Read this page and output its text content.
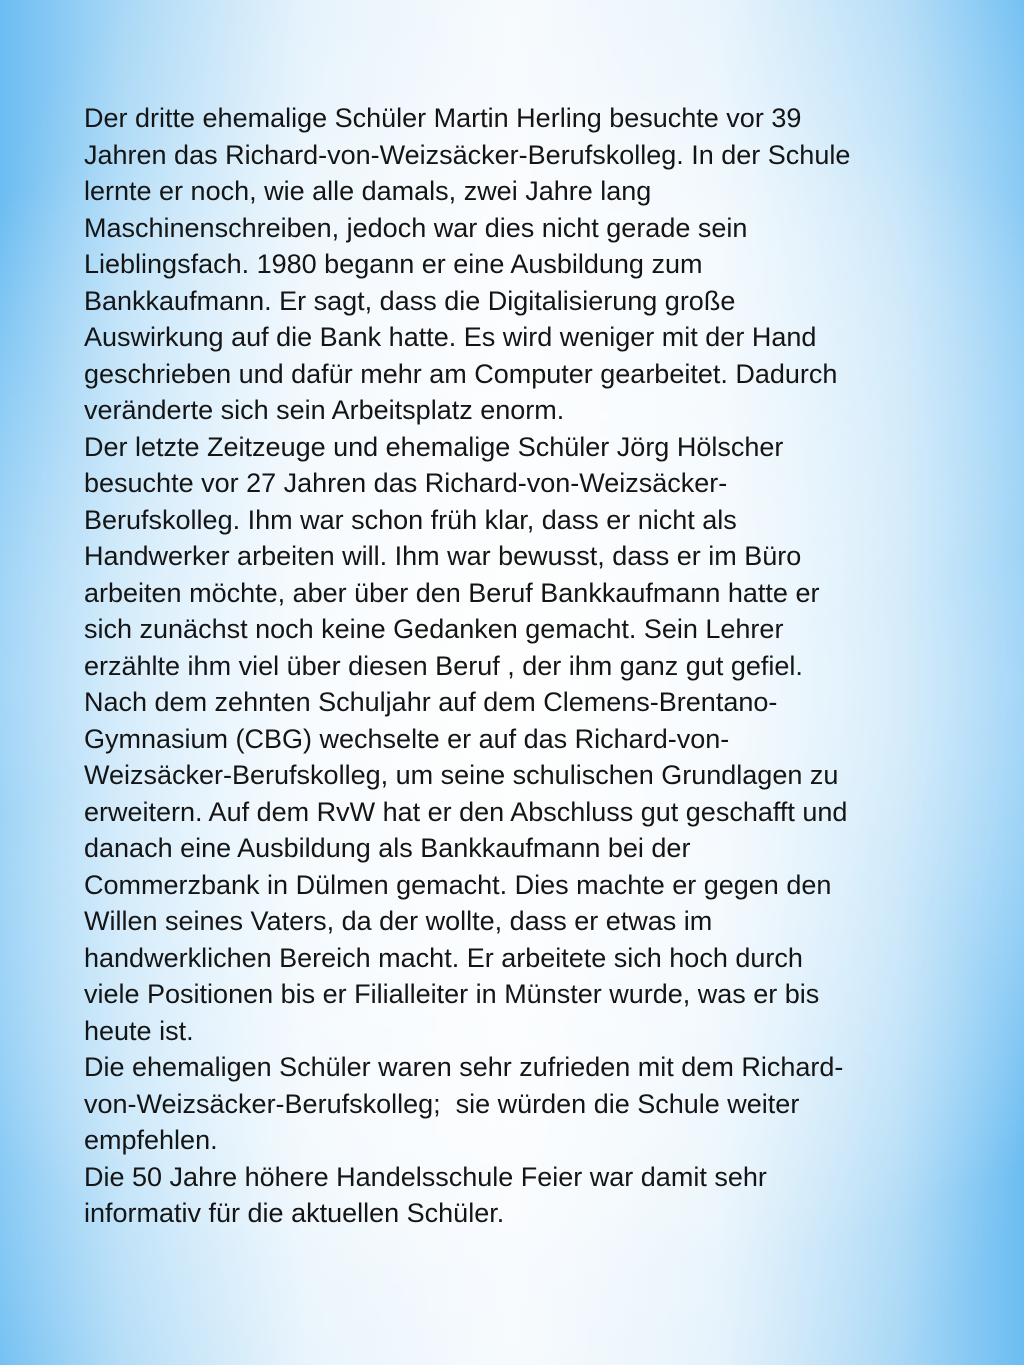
Der dritte ehemalige Schüler Martin Herling besuchte vor 39
Jahren das Richard-von-Weizsäcker-Berufskolleg. In der Schule
lernte er noch, wie alle damals, zwei Jahre lang
Maschinenschreiben, jedoch war dies nicht gerade sein
Lieblingsfach. 1980 begann er eine Ausbildung zum
Bankkaufmann. Er sagt, dass die Digitalisierung große
Auswirkung auf die Bank hatte. Es wird weniger mit der Hand
geschrieben und dafür mehr am Computer gearbeitet. Dadurch
veränderte sich sein Arbeitsplatz enorm.
Der letzte Zeitzeuge und ehemalige Schüler Jörg Hölscher
besuchte vor 27 Jahren das Richard-von-Weizsäcker-
Berufskolleg. Ihm war schon früh klar, dass er nicht als
Handwerker arbeiten will. Ihm war bewusst, dass er im Büro
arbeiten möchte, aber über den Beruf Bankkaufmann hatte er
sich zunächst noch keine Gedanken gemacht. Sein Lehrer
erzählte ihm viel über diesen Beruf , der ihm ganz gut gefiel.
Nach dem zehnten Schuljahr auf dem Clemens-Brentano-
Gymnasium (CBG) wechselte er auf das Richard-von-
Weizsäcker-Berufskolleg, um seine schulischen Grundlagen zu
erweitern. Auf dem RvW hat er den Abschluss gut geschafft und
danach eine Ausbildung als Bankkaufmann bei der
Commerzbank in Dülmen gemacht. Dies machte er gegen den
Willen seines Vaters, da der wollte, dass er etwas im
handwerklichen Bereich macht. Er arbeitete sich hoch durch
viele Positionen bis er Filialleiter in Münster wurde, was er bis
heute ist.
Die ehemaligen Schüler waren sehr zufrieden mit dem Richard-
von-Weizsäcker-Berufskolleg;  sie würden die Schule weiter
empfehlen.
Die 50 Jahre höhere Handelsschule Feier war damit sehr
informativ für die aktuellen Schüler.
